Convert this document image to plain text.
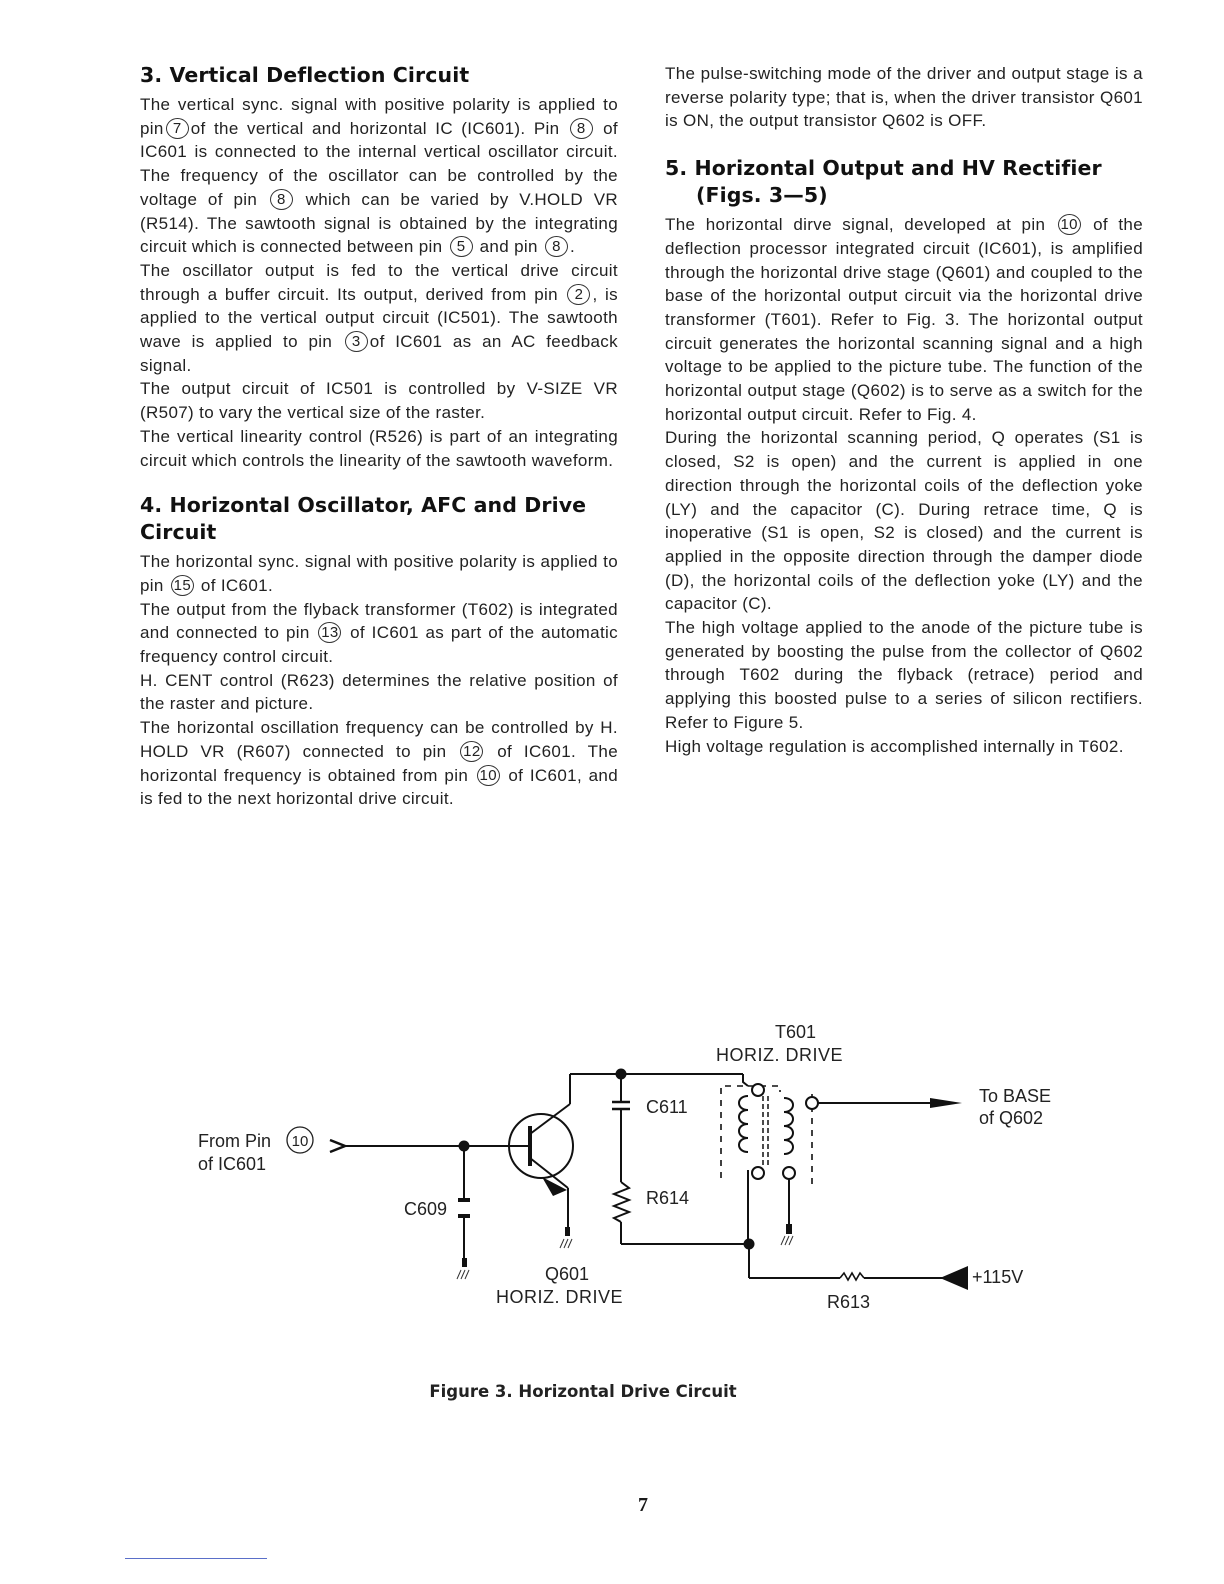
3. Vertical Deflection Circuit

The vertical sync. signal with positive polarity is applied to pin 7 of the vertical and horizontal IC (IC601). Pin 8 of IC601 is connected to the internal vertical oscillator circuit. The frequency of the oscillator can be controlled by the voltage of pin 8 which can be varied by V.HOLD VR (R514). The sawtooth signal is obtained by the integrating circuit which is connected between pin 5 and pin 8 .

The oscillator output is fed to the vertical drive circuit through a buffer circuit. Its output, derived from pin 2 , is applied to the vertical output circuit (IC501). The sawtooth wave is applied to pin 3 of IC601 as an AC feedback signal.

The output circuit of IC501 is controlled by V-SIZE VR (R507) to vary the vertical size of the raster.

The vertical linearity control (R526) is part of an integrating circuit which controls the linearity of the sawtooth waveform.

4. Horizontal Oscillator, AFC and Drive Circuit

The horizontal sync. signal with positive polarity is applied to pin 15 of IC601.

The output from the flyback transformer (T602) is integrated and connected to pin 13 of IC601 as part of the automatic frequency control circuit.

H. CENT control (R623) determines the relative position of the raster and picture.

The horizontal oscillation frequency can be controlled by H. HOLD VR (R607) connected to pin 12 of IC601. The horizontal frequency is obtained from pin 10 of IC601, and is fed to the next horizontal drive circuit.

The pulse-switching mode of the driver and output stage is a reverse polarity type; that is, when the driver transistor Q601 is ON, the output transistor Q602 is OFF.

5. Horizontal Output and HV Rectifier
(Figs. 3—5)

The horizontal dirve signal, developed at pin 10 of the deflection processor integrated circuit (IC601), is amplified through the horizontal drive stage (Q601) and coupled to the base of the horizontal output circuit via the horizontal drive transformer (T601). Refer to Fig. 3. The horizontal output circuit generates the horizontal scanning signal and a high voltage to be applied to the picture tube. The function of the horizontal output stage (Q602) is to serve as a switch for the horizontal output circuit. Refer to Fig. 4.

During the horizontal scanning period, Q operates (S1 is closed, S2 is open) and the current is applied in one direction through the horizontal coils of the deflection yoke (LY) and the capacitor (C). During retrace time, Q is inoperative (S1 is open, S2 is closed) and the current is applied in the opposite direction through the damper diode (D), the horizontal coils of the deflection yoke (LY) and the capacitor (C).

The high voltage applied to the anode of the picture tube is generated by boosting the pulse from the collector of Q602 through T602 during the flyback (retrace) period and applying this boosted pulse to a series of silicon rectifiers. Refer to Figure 5.

High voltage regulation is accomplished internally in T602.

From Pin 10
of IC601
C609
Q601
HORIZ. DRIVE
C611
R614
T601
HORIZ. DRIVE
To BASE
of Q602
R613
+115V
Figure 3. Horizontal Drive Circuit
7
